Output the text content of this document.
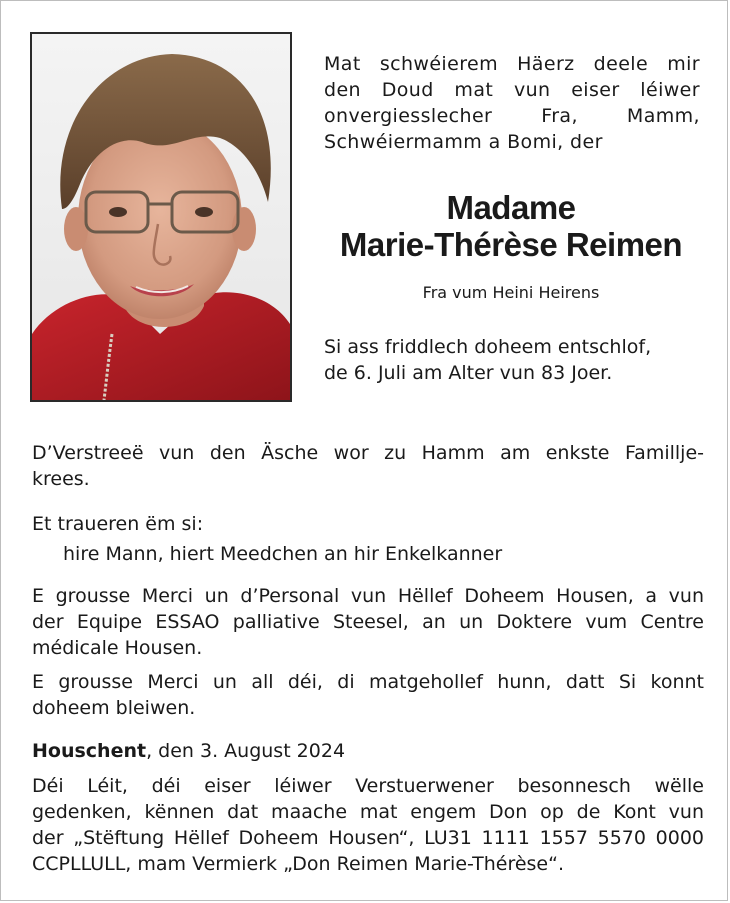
Mat schwéierem Häerz deele mir
den Doud mat vun eiser léiwer
onvergiesslecher Fra, Mamm,
Schwéiermamm a Bomi, der

Madame
Marie-Thérèse Reimen
Fra vum Heini Heirens
Si ass friddlech doheem entschlof,
de 6. Juli am Alter vun 83 Joer.

D’Verstreeë vun den Äsche wor zu Hamm am enkste Familljе-
krees.

Et traueren ëm si:

hire Mann, hiert Meedchen an hir Enkelkanner

E grousse Merci un d’Personal vun Hëllef Doheem Housen, a vun
der Equipe ESSAO palliative Steesel, an un Doktere vum Centre
médicale Housen.

E grousse Merci un all déi, di matgehollef hunn, datt Si konnt
doheem bleiwen.

Houschent, den 3. August 2024

Déi Léit, déi eiser léiwer Verstuerwener besonnesch wëlle
gedenken, kënnen dat maache mat engem Don op de Kont vun
der „Stëftung Hëllef Doheem Housen“, LU31 1111 1557 5570 0000
CCPLLULL, mam Vermierk „Don Reimen Marie-Thérèse“.
